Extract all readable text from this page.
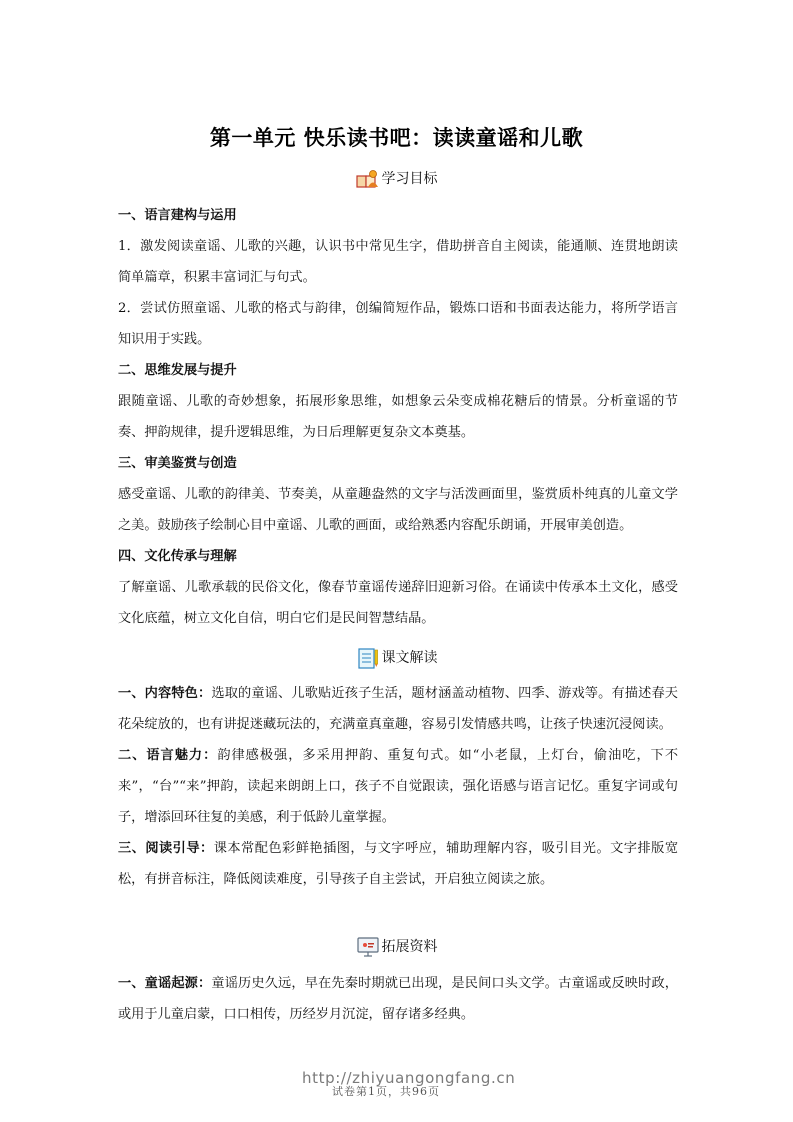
第一单元 快乐读书吧：读读童谣和儿歌
学习目标
一、语言建构与运用
1．激发阅读童谣、儿歌的兴趣，认识书中常见生字，借助拼音自主阅读，能通顺、连贯地朗读简单篇章，积累丰富词汇与句式。
2．尝试仿照童谣、儿歌的格式与韵律，创编简短作品，锻炼口语和书面表达能力，将所学语言知识用于实践。
二、思维发展与提升
跟随童谣、儿歌的奇妙想象，拓展形象思维，如想象云朵变成棉花糖后的情景。分析童谣的节奏、押韵规律，提升逻辑思维，为日后理解更复杂文本奠基。
三、审美鉴赏与创造
感受童谣、儿歌的韵律美、节奏美，从童趣盎然的文字与活泼画面里，鉴赏质朴纯真的儿童文学之美。鼓励孩子绘制心目中童谣、儿歌的画面，或给熟悉内容配乐朗诵，开展审美创造。
四、文化传承与理解
了解童谣、儿歌承载的民俗文化，像春节童谣传递辞旧迎新习俗。在诵读中传承本土文化，感受文化底蕴，树立文化自信，明白它们是民间智慧结晶。
课文解读
一、内容特色：选取的童谣、儿歌贴近孩子生活，题材涵盖动植物、四季、游戏等。有描述春天花朵绽放的，也有讲捉迷藏玩法的，充满童真童趣，容易引发情感共鸣，让孩子快速沉浸阅读。
二、语言魅力：韵律感极强，多采用押韵、重复句式。如“小老鼠，上灯台，偷油吃，下不来”，“台”“来”押韵，读起来朗朗上口，孩子不自觉跟读，强化语感与语言记忆。重复字词或句子，增添回环往复的美感，利于低龄儿童掌握。
三、阅读引导：课本常配色彩鲜艳插图，与文字呼应，辅助理解内容，吸引目光。文字排版宽松，有拼音标注，降低阅读难度，引导孩子自主尝试，开启独立阅读之旅。
拓展资料
一、童谣起源：童谣历史久远，早在先秦时期就已出现，是民间口头文学。古童谣或反映时政，或用于儿童启蒙，口口相传，历经岁月沉淀，留存诸多经典。
试卷第1页，共96页
http://zhiyuangongfang.cn
